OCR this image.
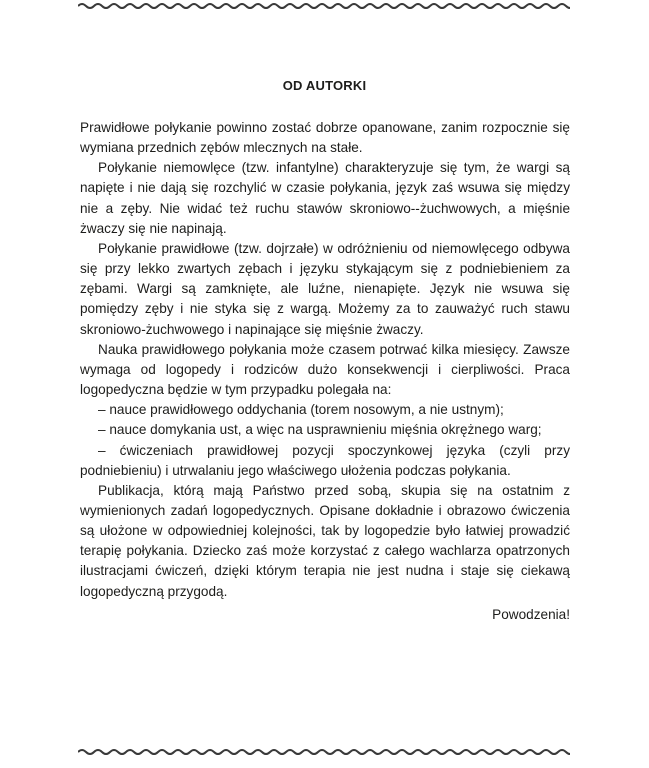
OD AUTORKI

Prawidłowe połykanie powinno zostać dobrze opanowane, zanim rozpocznie się wymiana przednich zębów mlecznych na stałe.

Połykanie niemowlęce (tzw. infantylne) charakteryzuje się tym, że wargi są napięte i nie dają się rozchylić w czasie połykania, język zaś wsuwa się między nie a zęby. Nie widać też ruchu stawów skroniowo--żuchwowych, a mięśnie żwaczy się nie napinają.

Połykanie prawidłowe (tzw. dojrzałe) w odróżnieniu od niemowlęcego odbywa się przy lekko zwartych zębach i języku stykającym się z podniebieniem za zębami. Wargi są zamknięte, ale luźne, nienapięte. Język nie wsuwa się pomiędzy zęby i nie styka się z wargą. Możemy za to zauważyć ruch stawu skroniowo-żuchwowego i napinające się mięśnie żwaczy.

Nauka prawidłowego połykania może czasem potrwać kilka miesięcy. Zawsze wymaga od logopedy i rodziców dużo konsekwencji i cierpliwości. Praca logopedyczna będzie w tym przypadku polegała na:

– nauce prawidłowego oddychania (torem nosowym, a nie ustnym);

– nauce domykania ust, a więc na usprawnieniu mięśnia okrężnego warg;

– ćwiczeniach prawidłowej pozycji spoczynkowej języka (czyli przy podniebieniu) i utrwalaniu jego właściwego ułożenia podczas połykania.

Publikacja, którą mają Państwo przed sobą, skupia się na ostatnim z wymienionych zadań logopedycznych. Opisane dokładnie i obrazowo ćwiczenia są ułożone w odpowiedniej kolejności, tak by logopedzie było łatwiej prowadzić terapię połykania. Dziecko zaś może korzystać z całego wachlarza opatrzonych ilustracjami ćwiczeń, dzięki którym terapia nie jest nudna i staje się ciekawą logopedyczną przygodą.

Powodzenia!
